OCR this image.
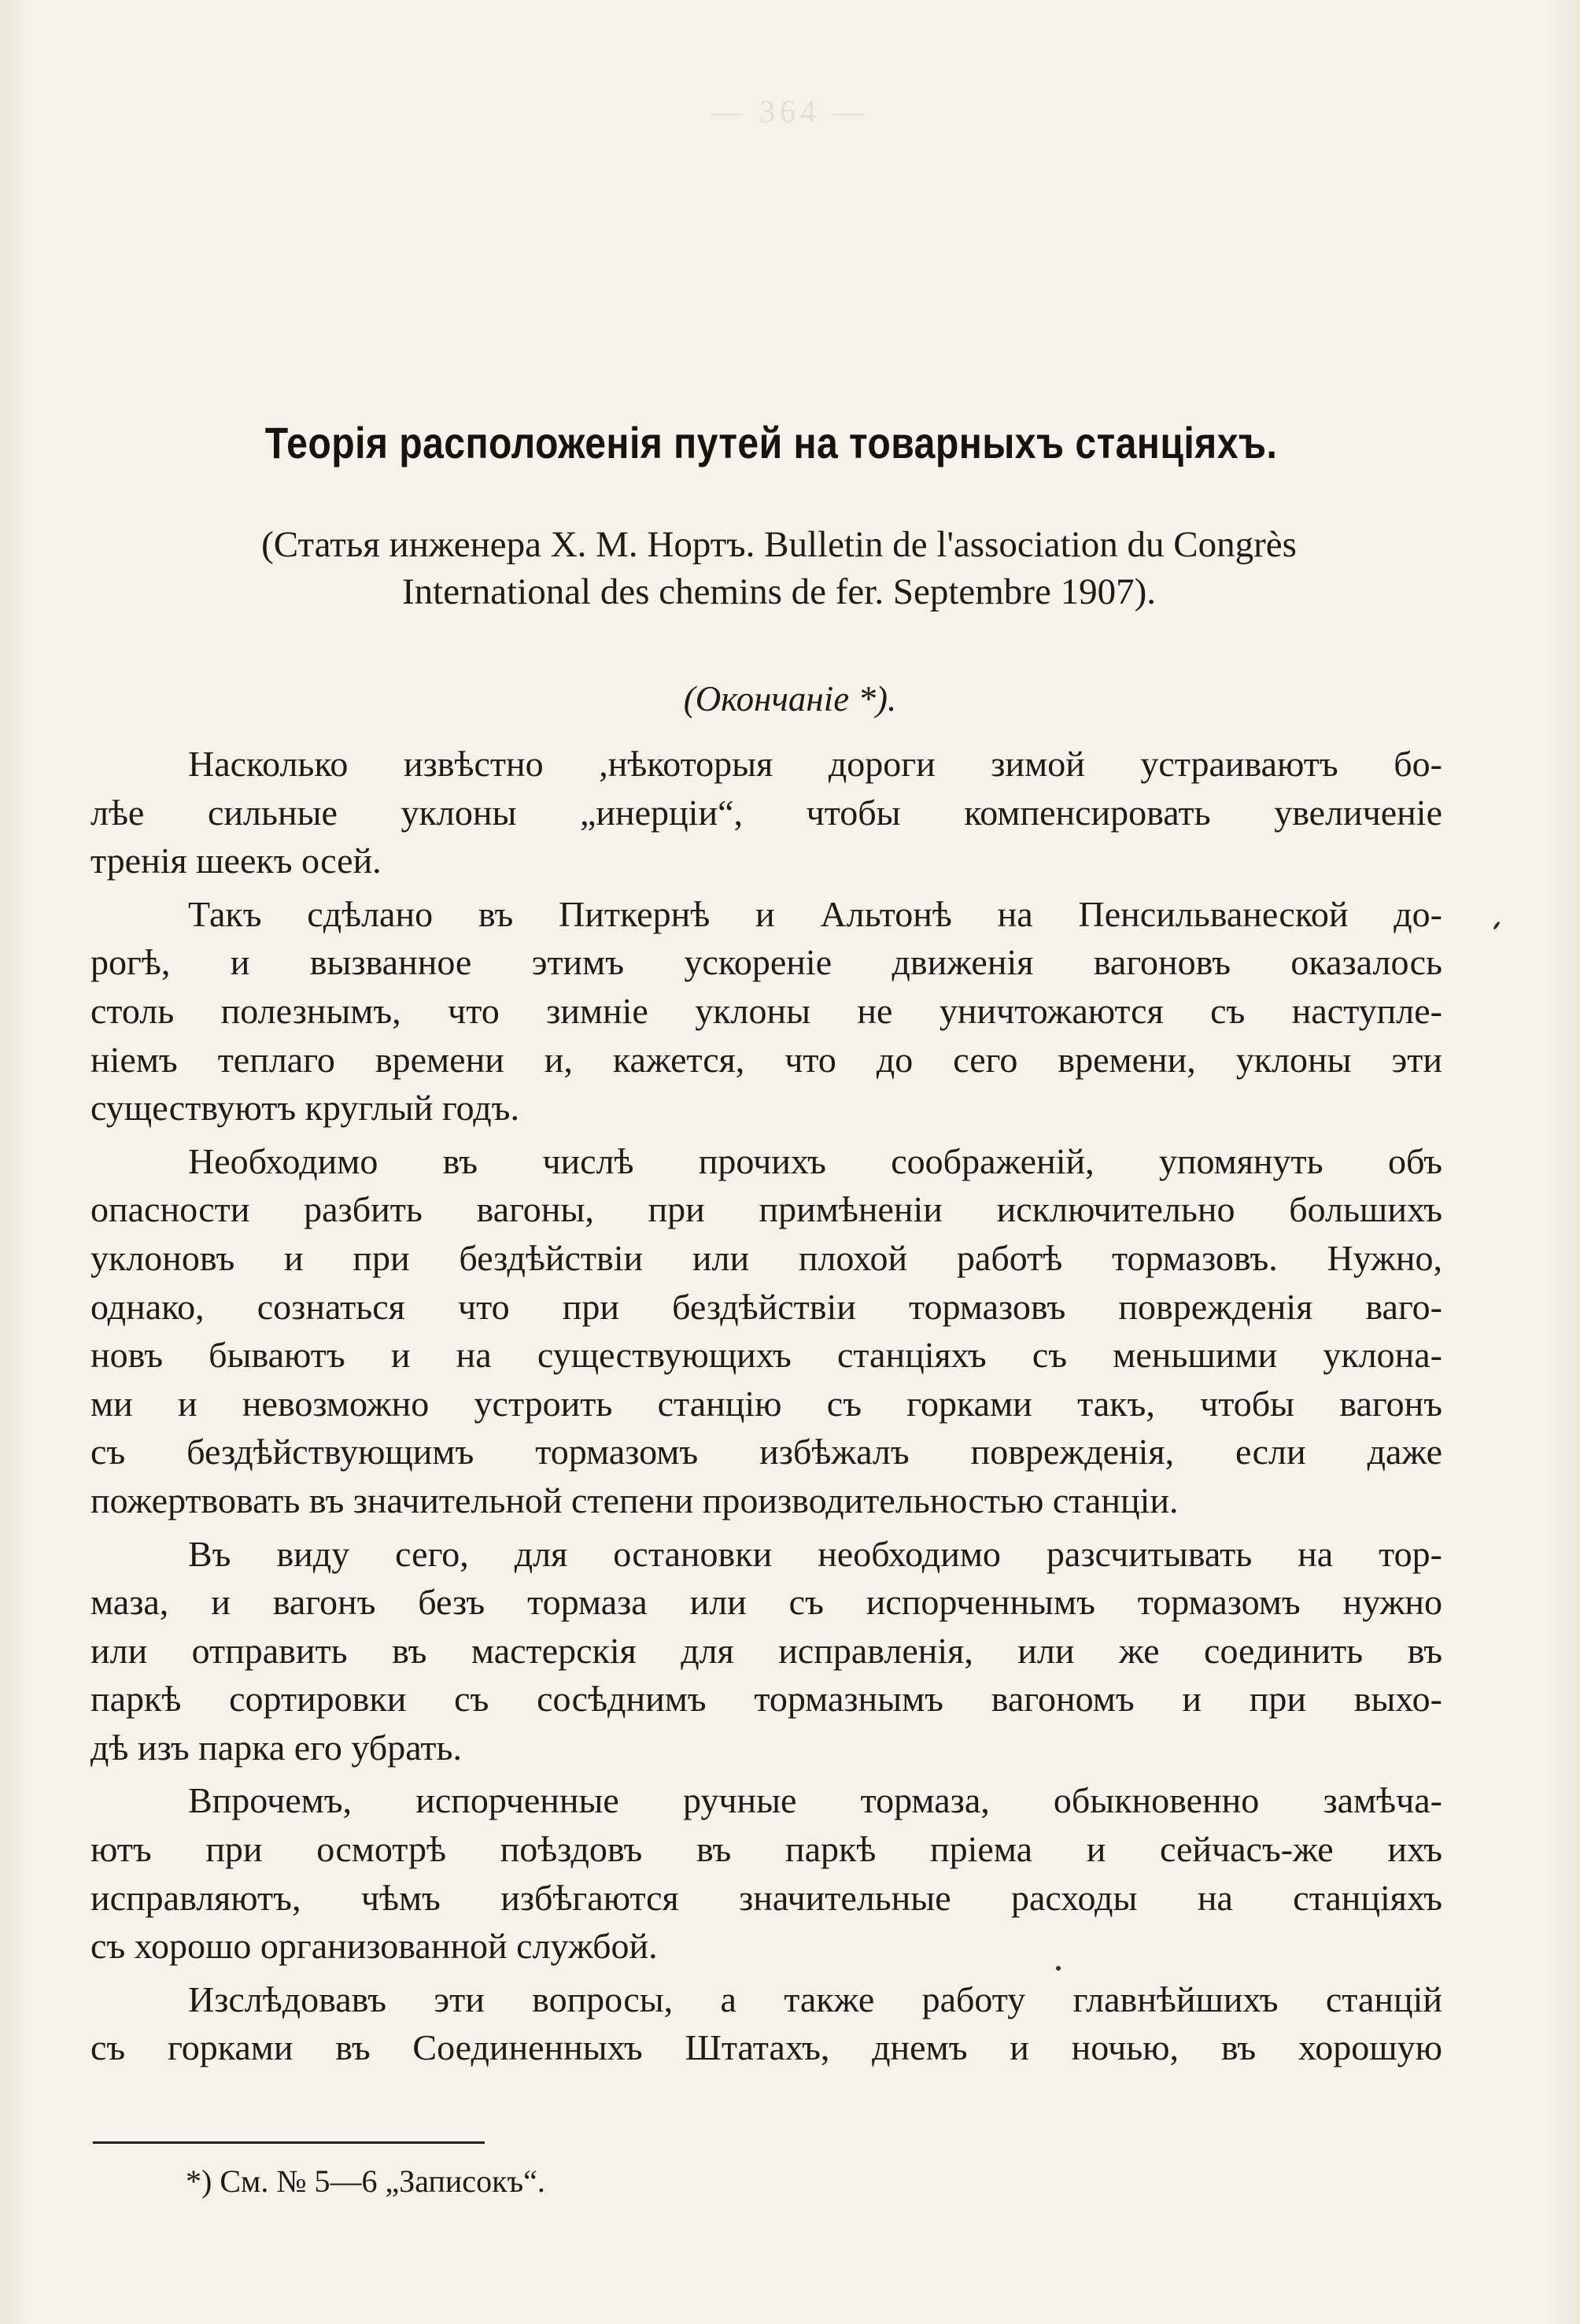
— 364 —
Теорія расположенія путей на товарныхъ станціяхъ.
(Статья инженера Х. М. Нортъ. Bulletin de l'association du Congrès
International des chemins de fer. Septembre 1907).
(Окончаніе *).
Насколько извѣстно ,нѣкоторыя дороги зимой устраиваютъ бо-
лѣе сильные уклоны „инерціи“, чтобы компенсировать увеличеніе
тренія шеекъ осей.
Такъ сдѣлано въ Питкернѣ и Альтонѣ на Пенсильванеской до-
рогѣ, и вызванное этимъ ускореніе движенія вагоновъ оказалось
столь полезнымъ, что зимніе уклоны не уничтожаются съ наступле-
ніемъ теплаго времени и, кажется, что до сего времени, уклоны эти
существуютъ круглый годъ.
Необходимо въ числѣ прочихъ соображеній, упомянуть объ
опасности разбить вагоны, при примѣненіи исключительно большихъ
уклоновъ и при бездѣйствіи или плохой работѣ тормазовъ. Нужно,
однако, сознаться что при бездѣйствіи тормазовъ поврежденія ваго-
новъ бываютъ и на существующихъ станціяхъ съ меньшими уклона-
ми и невозможно устроить станцію съ горками такъ, чтобы вагонъ
съ бездѣйствующимъ тормазомъ избѣжалъ поврежденія, если даже
пожертвовать въ значительной степени производительностью станціи.
Въ виду сего, для остановки необходимо разсчитывать на тор-
маза, и вагонъ безъ тормаза или съ испорченнымъ тормазомъ нужно
или отправить въ мастерскія для исправленія, или же соединить въ
паркѣ сортировки съ сосѣднимъ тормазнымъ вагономъ и при выхо-
дѣ изъ парка его убрать.
Впрочемъ, испорченные ручные тормаза, обыкновенно замѣча-
ютъ при осмотрѣ поѣздовъ въ паркѣ пріема и сейчасъ-же ихъ
исправляютъ, чѣмъ избѣгаются значительные расходы на станціяхъ
съ хорошо организованной службой.
Изслѣдовавъ эти вопросы, а также работу главнѣйшихъ станцій
съ горками въ Соединенныхъ Штатахъ, днемъ и ночью, въ хорошую
*) См. № 5—6 „Записокъ“.
